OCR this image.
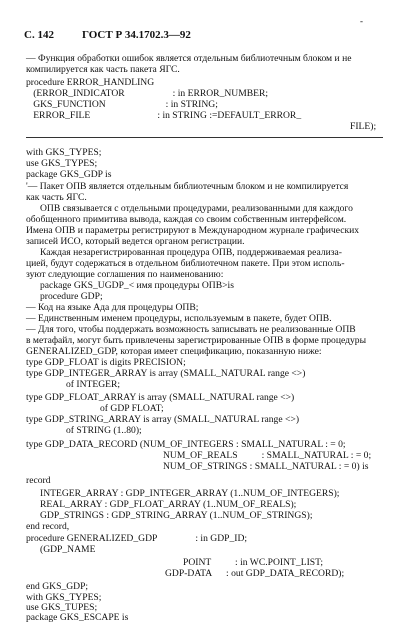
С. 142	ГОСТ Р 34.1702.3—92
-
— Функция обработки ошибок является отдельным библиотечным блоком и не
компилируется как часть пакета ЯГС.
procedure ERROR_HANDLING
(ERROR_INDICATOR                    : in ERROR_NUMBER;
GKS_FUNCTION                         : in STRING;
ERROR_FILE                            : in STRING :=DEFAULT_ERROR_
FILE);
with GKS_TYPES;
use GKS_TYPES;
package GKS_GDP is
'— Пакет ОПВ является отдельным библиотечным блоком и не компилируется
как часть ЯГС.
ОПВ связывается с отдельными процедурами, реализованными для каждого
обобщенного примитива вывода, каждая со своим собственным интерфейсом.
Имена ОПВ и параметры регистрируют в Международном журнале графических
записей ИСО, который ведется органом регистрации.
Каждая незарегистрированная процедура ОПВ, поддерживаемая реализа-
цией, будут содержаться в отдельном библиотечном пакете. При этом исполь-
зуют следующие соглашения по наименованию:
package GKS_UGDP_< имя процедуры ОПВ>is
procedure GDP;
— Код на языке Ада для процедуры ОПВ;
— Единственным именем процедуры, используемым в пакете, будет ОПВ.
— Для того, чтобы поддержать возможность записывать не реализованные ОПВ
в метафайл, могут быть привлечены зарегистрированные ОПВ в форме процедуры
GENERALIZED_GDP, которая имеет спецификацию, показанную ниже:
type GDP_FLOAT is digits PRECISION;
type GDP_INTEGER_ARRAY is array (SMALL_NATURAL range <>)
of INTEGER;
type GDP_FLOAT_ARRAY is array (SMALL_NATURAL range <>)
of GDP FLOAT;
type GDP_STRING_ARRAY is array (SMALL_NATURAL range <>)
of STRING (1..80);
type GDP_DATA_RECORD (NUM_OF_INTEGERS : SMALL_NATURAL : = 0;
NUM_OF_REALS          : SMALL_NATURAL : = 0;
NUM_OF_STRINGS : SMALL_NATURAL : = 0) is
record
INTEGER_ARRAY : GDP_INTEGER_ARRAY (1..NUM_OF_INTEGERS);
REAL_ARRAY : GDP_FLOAT_ARRAY (1..NUM_OF_REALS);
GDP_STRINGS : GDP_STRING_ARRAY (1..NUM_OF_STRINGS);
end record,
procedure GENERALIZED_GDP                : in GDP_ID;
(GDP_NAME
POINT          : in WC.POINT_LIST;
GDP-DATA      : out GDP_DATA_RECORD);
end GKS_GDP;
with GKS_TYPES;
use GKS_TUPES;
package GKS_ESCAPE is
